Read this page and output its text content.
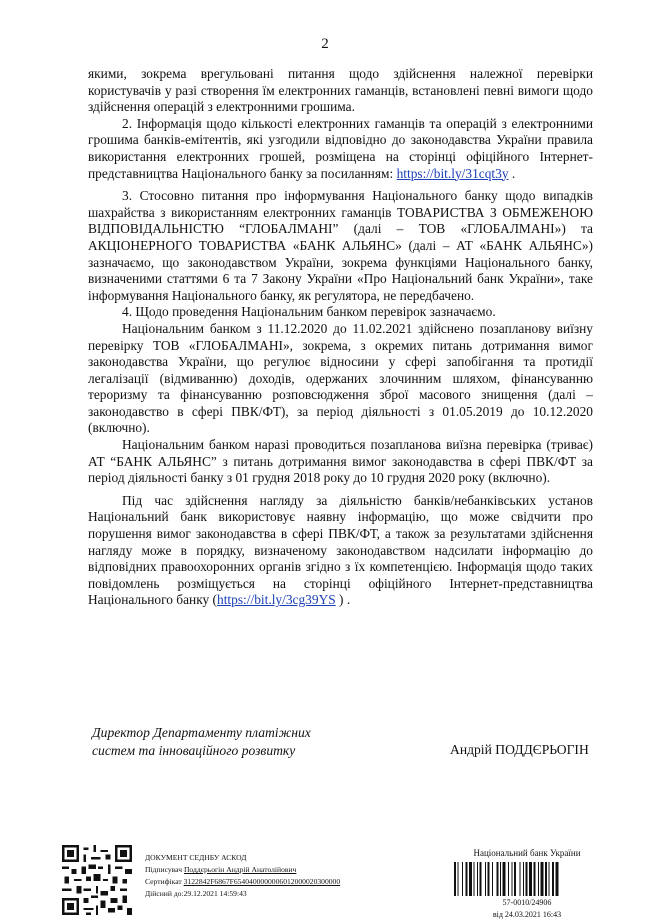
2

якими, зокрема врегульовані питання щодо здійснення належної перевірки користувачів у разі створення їм електронних гаманців, встановлені певні вимоги щодо здійснення операцій з електронними грошима.

2. Інформація щодо кількості електронних гаманців та операцій з електронними грошима банків-емітентів, які узгодили відповідно до законодавства України правила використання електронних грошей, розміщена на сторінці офіційного Інтернет-представництва Національного банку за посиланням: https://bit.ly/31cqt3y .

3. Стосовно питання про інформування Національного банку щодо випадків шахрайства з використанням електронних гаманців ТОВАРИСТВА З ОБМЕЖЕНОЮ ВІДПОВІДАЛЬНІСТЮ “ГЛОБАЛМАНІ” (далі – ТОВ «ГЛОБАЛМАНІ») та АКЦІОНЕРНОГО ТОВАРИСТВА «БАНК АЛЬЯНС» (далі – АТ «БАНК АЛЬЯНС») зазначаємо, що законодавством України, зокрема функціями Національного банку, визначеними статтями 6 та 7 Закону України «Про Національний банк України», таке інформування Національного банку, як регулятора, не передбачено.

4. Щодо проведення Національним банком перевірок зазначаємо.

Національним банком з 11.12.2020 до 11.02.2021 здійснено позапланову виїзну перевірку ТОВ «ГЛОБАЛМАНІ», зокрема, з окремих питань дотримання вимог законодавства України, що регулює відносини у сфері запобігання та протидії легалізації (відмиванню) доходів, одержаних злочинним шляхом, фінансуванню тероризму та фінансуванню розповсюдження зброї масового знищення (далі – законодавство в сфері ПВК/ФТ), за період діяльності з 01.05.2019 до 10.12.2020 (включно).

Національним банком наразі проводиться позапланова виїзна перевірка (триває) АТ “БАНК АЛЬЯНС” з питань дотримання вимог законодавства в сфері ПВК/ФТ за період діяльності банку з 01 грудня 2018 року до 10 грудня 2020 року (включно).

Під час здійснення нагляду за діяльністю банків/небанківських установ Національний банк використовує наявну інформацію, що може свідчити про порушення вимог законодавства в сфері ПВК/ФТ, а також за результатами здійснення нагляду може в порядку, визначеному законодавством надсилати інформацію до відповідних правоохоронних органів згідно з їх компетенцією. Інформація щодо таких повідомлень розміщується на сторінці офіційного Інтернет-представництва Національного банку (https://bit.ly/3cg39YS ) .

Директор Департаменту платіжних
систем та інноваційного розвитку	Андрій ПОДДЄРЬОГІН
ДОКУМЕНТ СЕДНБУ АСКОД
Підписувач Поддєрьогін Андрій Анатолійович
Сертифікат 3122842F6867F6540400000006012000020300000
Дійсний до:29.12.2021 14:59:43
Національний банк України
57-0010/24906
від 24.03.2021 16:43
